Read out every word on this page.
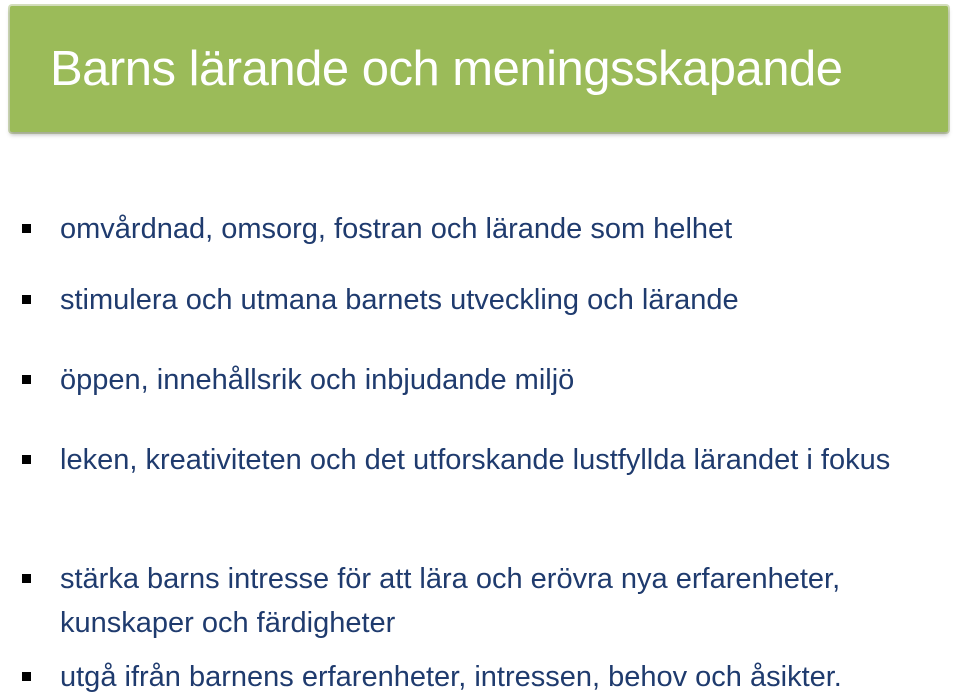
Barns lärande och meningsskapande
omvårdnad, omsorg, fostran och lärande som helhet
stimulera och utmana barnets utveckling och lärande
öppen, innehållsrik och inbjudande miljö
leken, kreativiteten och det utforskande lustfyllda lärandet i fokus
stärka barns intresse för att lära och erövra nya erfarenheter, kunskaper och färdigheter
utgå ifrån barnens erfarenheter, intressen, behov och åsikter.
